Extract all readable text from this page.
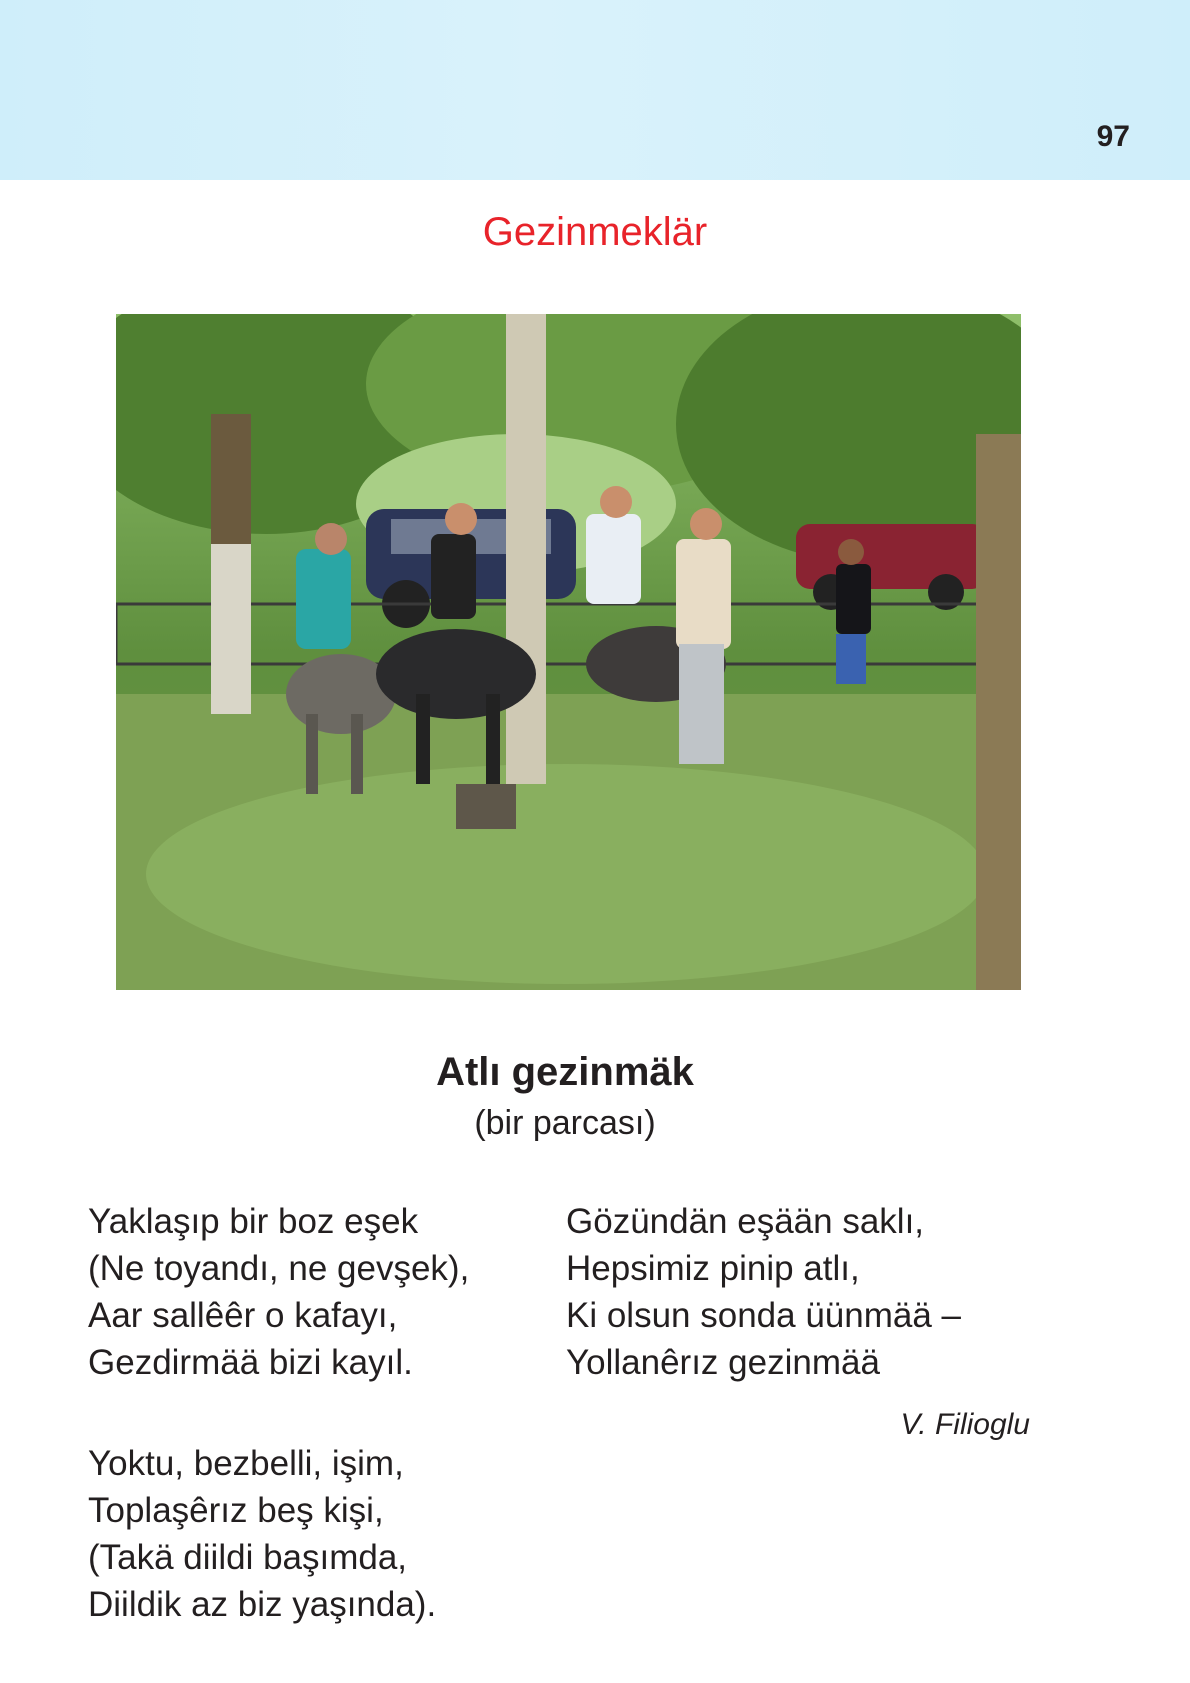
97
Gezinmeklär
Atlı gezinmäk
(bir parcası)
Yaklaşıp bir boz eşek
(Ne toyandı, ne gevşek),
Aar sallêêr o kafayı,
Gezdirmää bizi kayıl.
Gözündän eşään saklı,
Hepsimiz pinip atlı,
Ki olsun sonda üünmää –
Yollanêrız gezinmää
V. Filioglu
Yoktu, bezbelli, işim,
Toplaşêrız beş kişi,
(Takä diildi başımda,
Diildik az biz yaşında).
